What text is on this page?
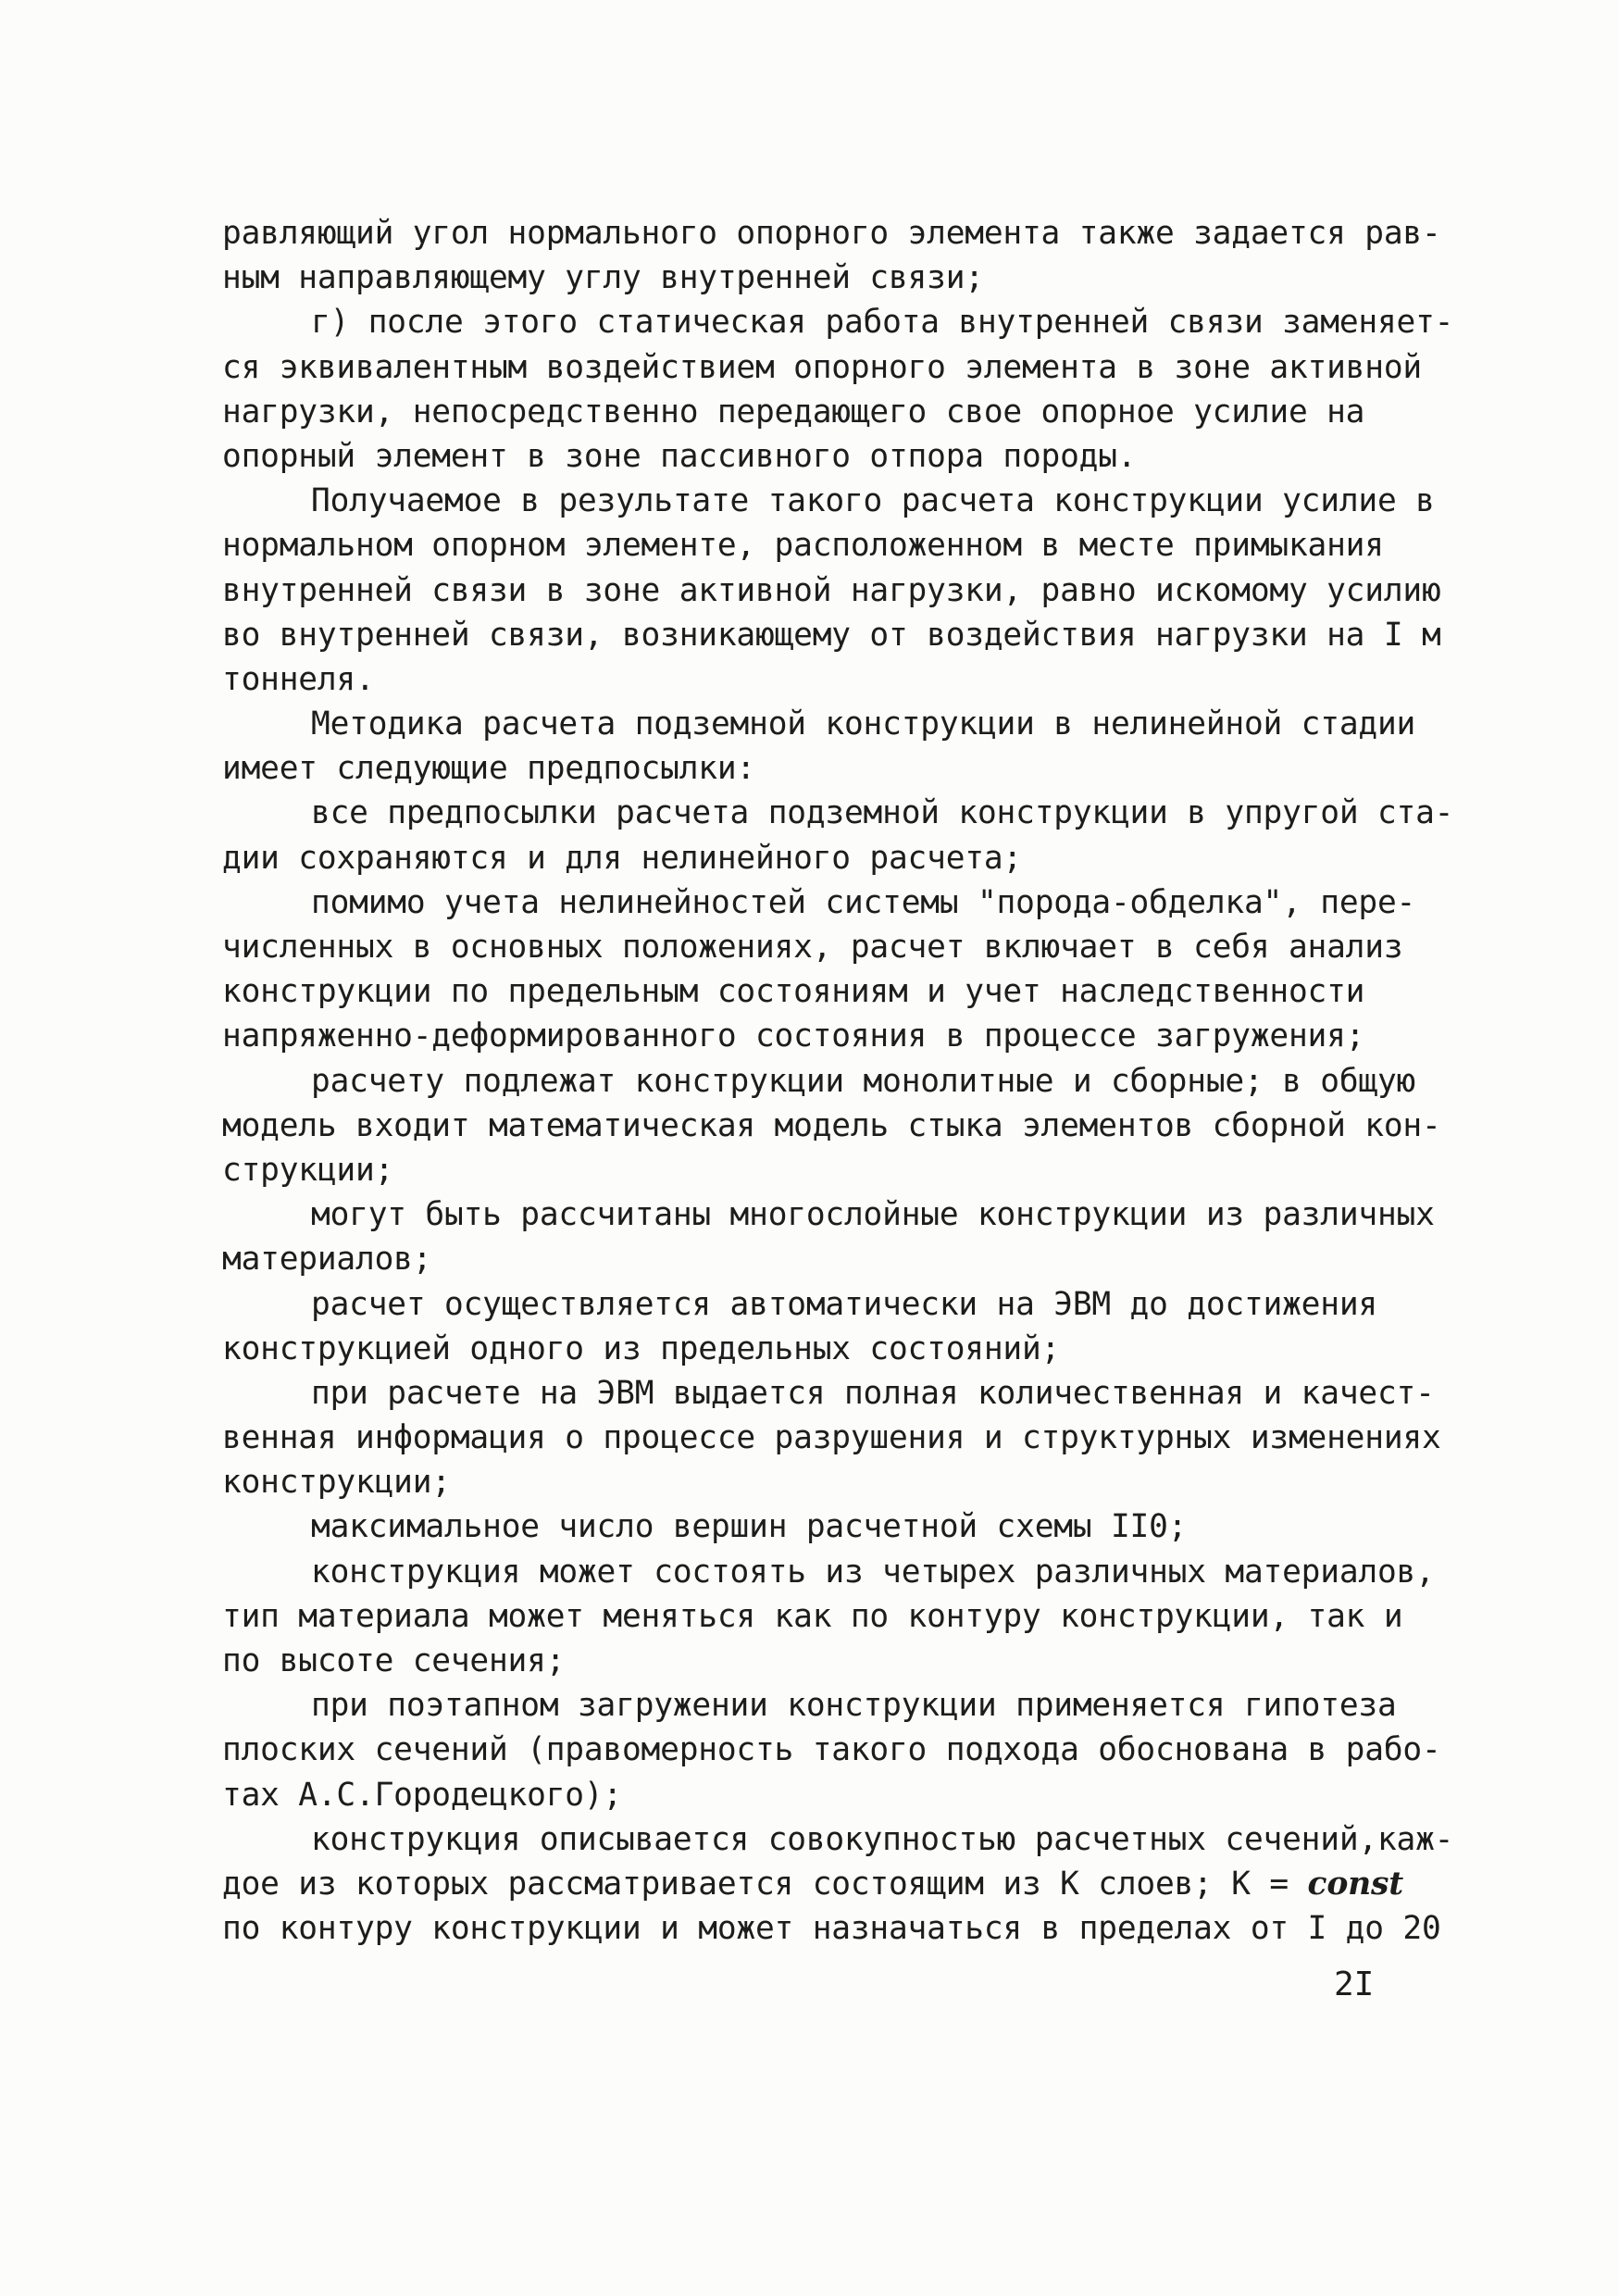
равляющий угол нормального опорного элемента также задается рав-
ным направляющему углу внутренней связи;
г) после этого статическая работа внутренней связи заменяет-
ся эквивалентным воздействием опорного элемента в зоне активной
нагрузки, непосредственно передающего свое опорное усилие на
опорный элемент в зоне пассивного отпора породы.
Получаемое в результате такого расчета конструкции усилие в
нормальном опорном элементе, расположенном в месте примыкания
внутренней связи в зоне активной нагрузки, равно искомому усилию
во внутренней связи, возникающему от воздействия нагрузки на I м
тоннеля.
Методика расчета подземной конструкции в нелинейной стадии
имеет следующие предпосылки:
все предпосылки расчета подземной конструкции в упругой ста-
дии сохраняются и для нелинейного расчета;
помимо учета нелинейностей системы "порода-обделка", пере-
численных в основных положениях, расчет включает в себя анализ
конструкции по предельным состояниям и учет наследственности
напряженно-деформированного состояния в процессе загружения;
расчету подлежат конструкции монолитные и сборные; в общую
модель входит математическая модель стыка элементов сборной кон-
струкции;
могут быть рассчитаны многослойные конструкции из различных
материалов;
расчет осуществляется автоматически на ЭВМ до достижения
конструкцией одного из предельных состояний;
при расчете на ЭВМ выдается полная количественная и качест-
венная информация о процессе разрушения и структурных изменениях
конструкции;
максимальное число вершин расчетной схемы II0;
конструкция может состоять из четырех различных материалов,
тип материала может меняться как по контуру конструкции, так и
по высоте сечения;
при поэтапном загружении конструкции применяется гипотеза
плоских сечений (правомерность такого подхода обоснована в рабо-
тах А.С.Городецкого);
конструкция описывается совокупностью расчетных сечений,каж-
дое из которых рассматривается состоящим из К слоев; К = const
по контуру конструкции и может назначаться в пределах от I до 20
2I
